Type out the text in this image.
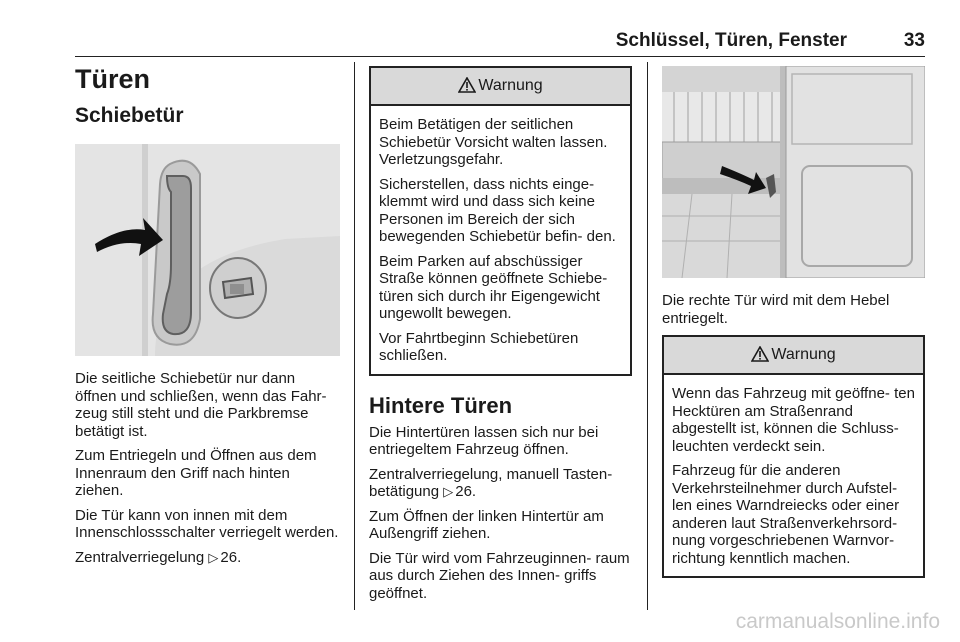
Schlüssel, Türen, Fenster	33
Türen
Schiebetür

Die seitliche Schiebetür nur dann öffnen und schließen, wenn das Fahr- zeug still steht und die Parkbremse betätigt ist.

Zum Entriegeln und Öffnen aus dem Innenraum den Griff nach hinten ziehen.

Die Tür kann von innen mit dem Innenschlossschalter verriegelt werden.

Zentralverriegelung ▷ 26.

Warnung

Beim Betätigen der seitlichen Schiebetür Vorsicht walten lassen. Verletzungsgefahr.

Sicherstellen, dass nichts einge- klemmt wird und dass sich keine Personen im Bereich der sich bewegenden Schiebetür befin- den.

Beim Parken auf abschüssiger Straße können geöffnete Schiebe- türen sich durch ihr Eigengewicht ungewollt bewegen.

Vor Fahrtbeginn Schiebetüren schließen.

Hintere Türen

Die Hintertüren lassen sich nur bei entriegeltem Fahrzeug öffnen.

Zentralverriegelung, manuell Tasten- betätigung ▷ 26.

Zum Öffnen der linken Hintertür am Außengriff ziehen.

Die Tür wird vom Fahrzeuginnen- raum aus durch Ziehen des Innen- griffs geöffnet.

Die rechte Tür wird mit dem Hebel entriegelt.

Warnung

Wenn das Fahrzeug mit geöffne- ten Hecktüren am Straßenrand abgestellt ist, können die Schluss- leuchten verdeckt sein.

Fahrzeug für die anderen Verkehrsteilnehmer durch Aufstel- len eines Warndreiecks oder einer anderen laut Straßenverkehrsord- nung vorgeschriebenen Warnvor- richtung kenntlich machen.

carmanualsonline.info
